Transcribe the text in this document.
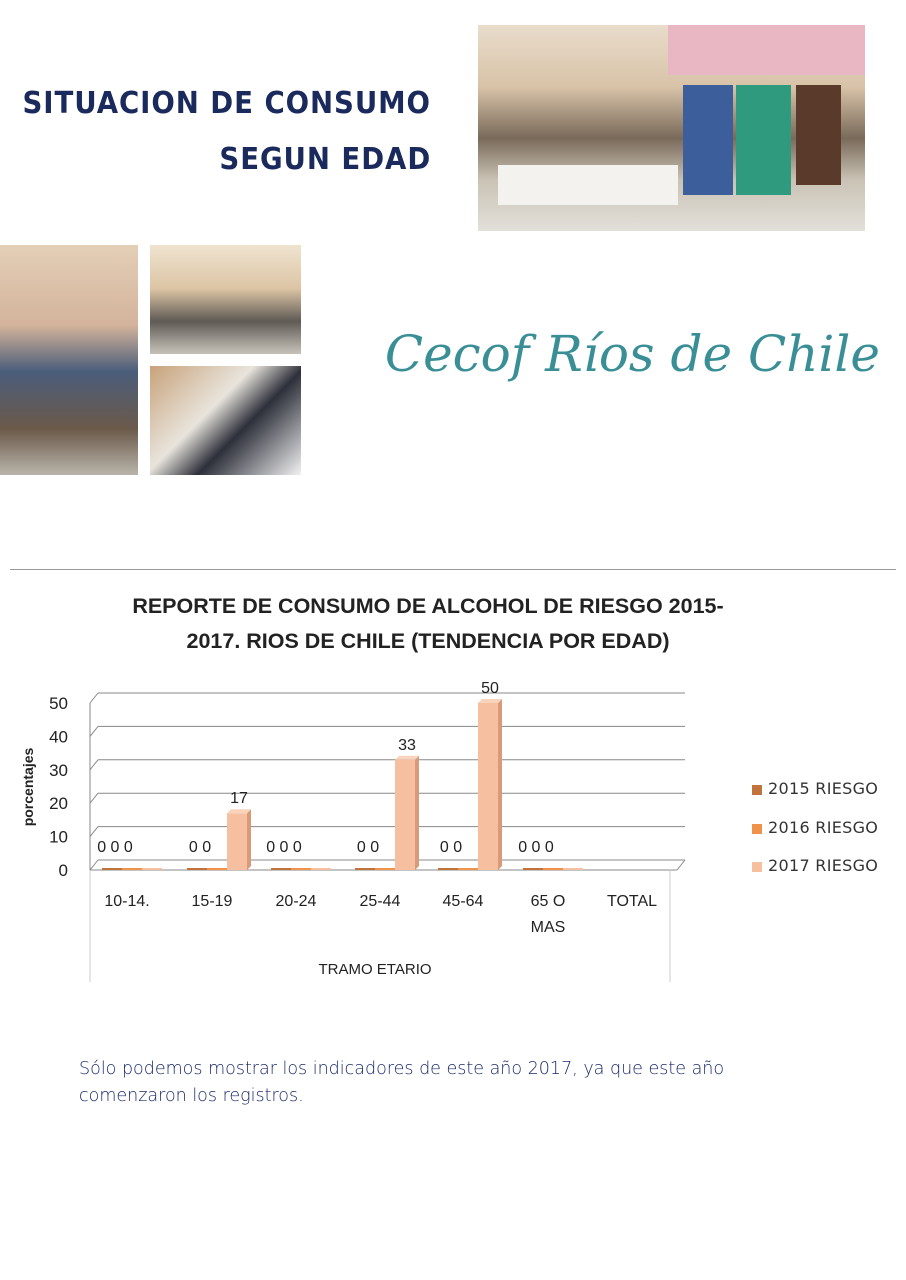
SITUACION DE CONSUMO
SEGUN EDAD
Cecof Ríos de Chile
REPORTE DE CONSUMO DE ALCOHOL DE RIESGO 2015-
2017. RIOS DE CHILE (TENDENCIA POR EDAD)
0
10
20
30
40
50
porcentajes
10-14.
0 0 0
15-19
17
0 0
20-24
0 0 0
25-44
33
0 0
45-64
50
0 0
65 O
MAS
0 0 0
TOTAL
TRAMO ETARIO
2015 RIESGO
2016 RIESGO
2017 RIESGO
Sólo podemos mostrar los indicadores de este año 2017, ya que este año comenzaron los registros.
